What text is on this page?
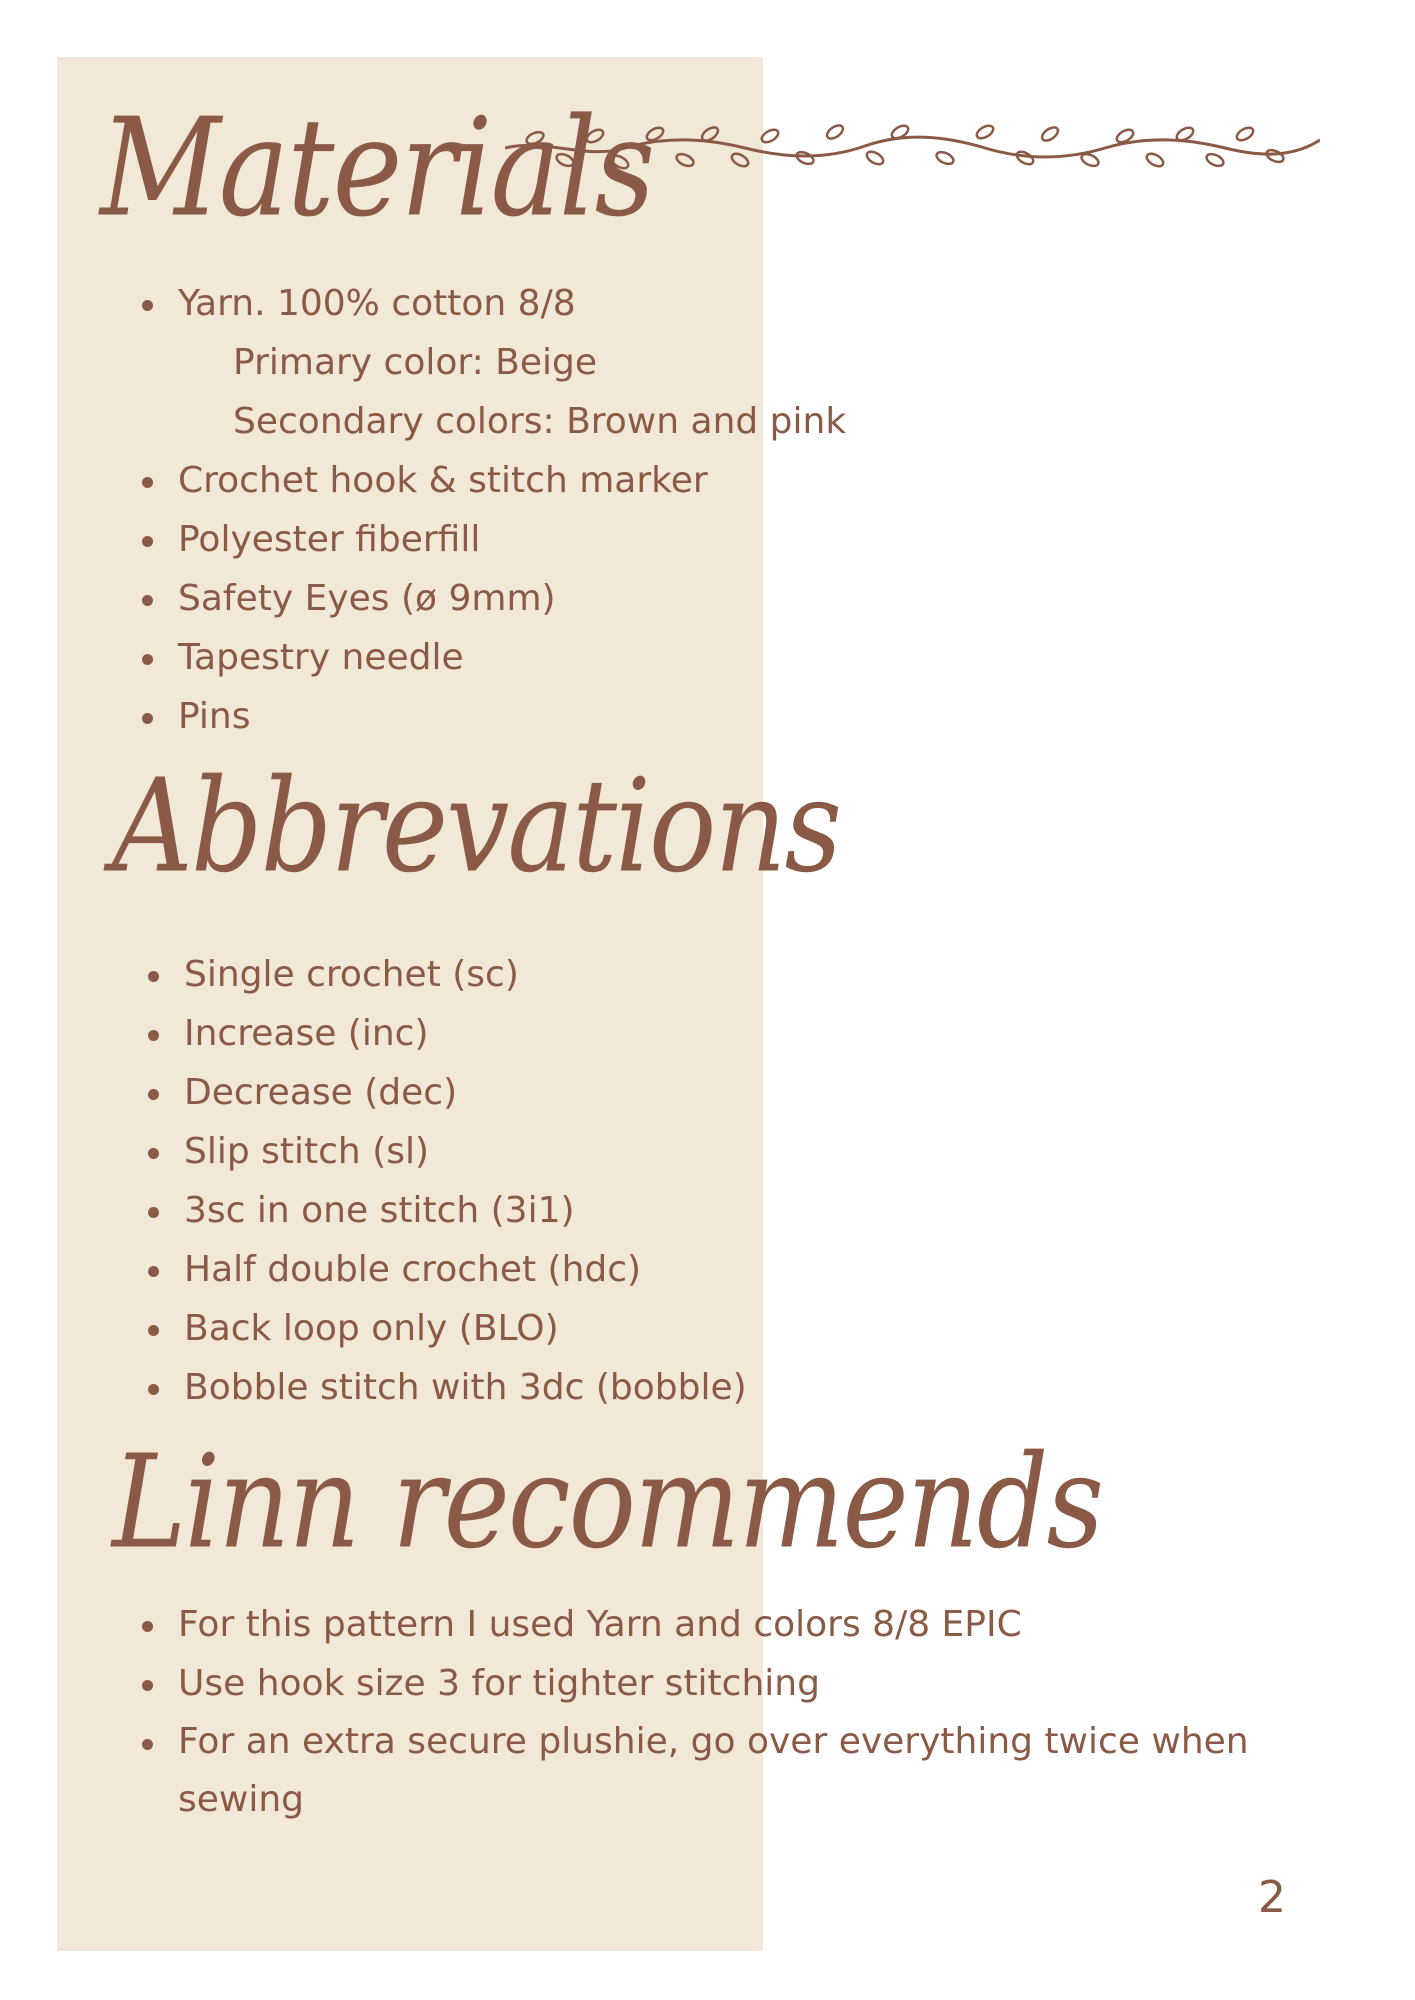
Materials
Yarn. 100% cotton 8/8
Primary color: Beige
Secondary colors: Brown and pink
Crochet hook & stitch marker
Polyester fiberfill
Safety Eyes (ø 9mm)
Tapestry needle
Pins
Abbrevations
Single crochet (sc)
Increase (inc)
Decrease (dec)
Slip stitch (sl)
3sc in one stitch (3i1)
Half double crochet (hdc)
Back loop only (BLO)
Bobble stitch with 3dc (bobble)
Linn recommends
For this pattern I used Yarn and colors 8/8 EPIC
Use hook size 3 for tighter stitching
For an extra secure plushie, go over everything twice when sewing
2
